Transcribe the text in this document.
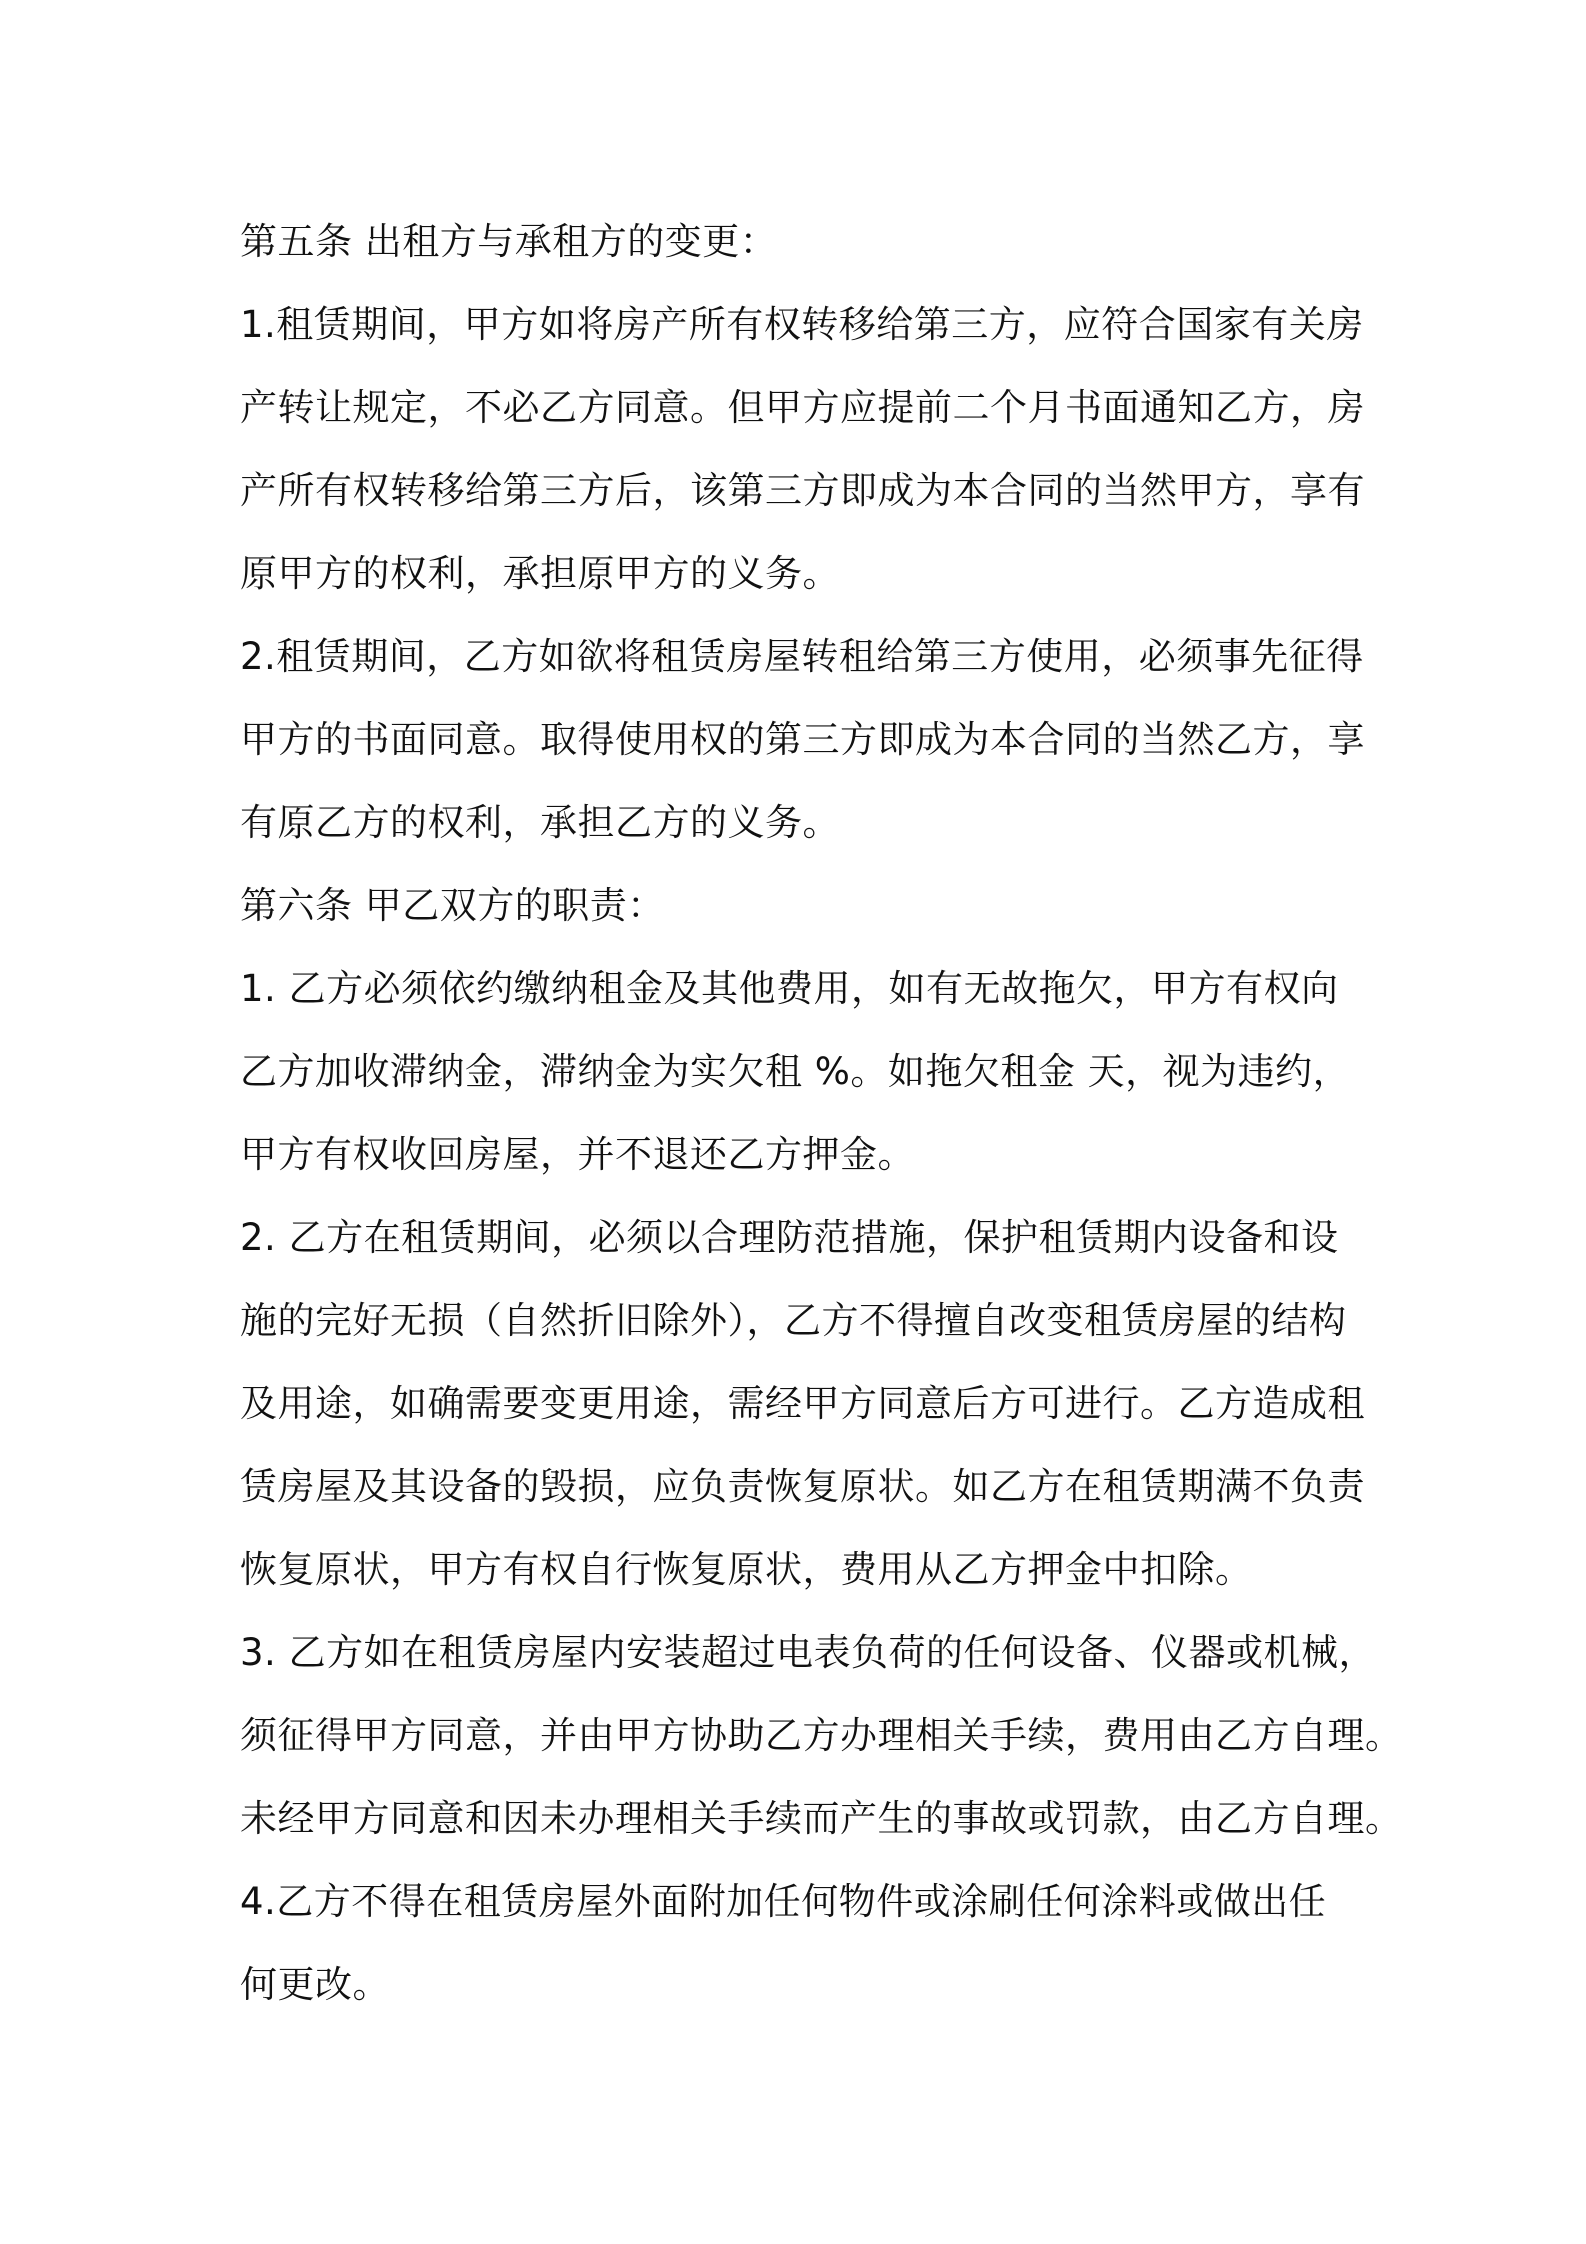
第五条 出租方与承租方的变更：
1.租赁期间，甲方如将房产所有权转移给第三方，应符合国家有关房
产转让规定，不必乙方同意。但甲方应提前二个月书面通知乙方，房
产所有权转移给第三方后，该第三方即成为本合同的当然甲方，享有
原甲方的权利，承担原甲方的义务。
2.租赁期间，乙方如欲将租赁房屋转租给第三方使用，必须事先征得
甲方的书面同意。取得使用权的第三方即成为本合同的当然乙方，享
有原乙方的权利，承担乙方的义务。
第六条 甲乙双方的职责：
1. 乙方必须依约缴纳租金及其他费用，如有无故拖欠，甲方有权向
乙方加收滞纳金，滞纳金为实欠租 %。如拖欠租金 天，视为违约，
甲方有权收回房屋，并不退还乙方押金。
2. 乙方在租赁期间，必须以合理防范措施，保护租赁期内设备和设
施的完好无损（自然折旧除外），乙方不得擅自改变租赁房屋的结构
及用途，如确需要变更用途，需经甲方同意后方可进行。乙方造成租
赁房屋及其设备的毁损，应负责恢复原状。如乙方在租赁期满不负责
恢复原状，甲方有权自行恢复原状，费用从乙方押金中扣除。
3. 乙方如在租赁房屋内安装超过电表负荷的任何设备、仪器或机械，
须征得甲方同意，并由甲方协助乙方办理相关手续，费用由乙方自理。
未经甲方同意和因未办理相关手续而产生的事故或罚款，由乙方自理。
4.乙方不得在租赁房屋外面附加任何物件或涂刷任何涂料或做出任
何更改。
